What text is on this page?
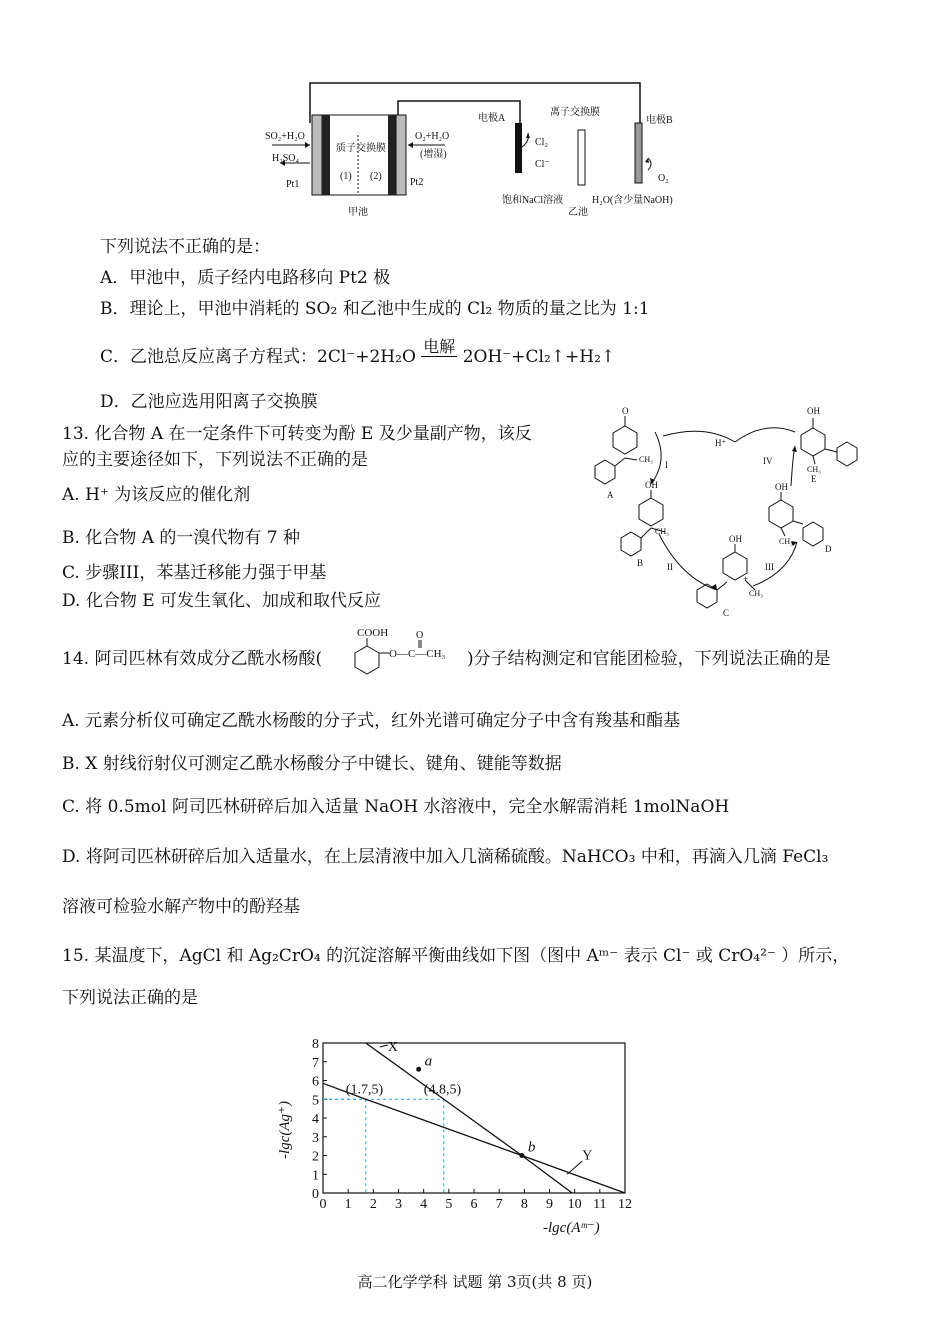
SO₂+H₂O
H₂SO₄
Pt1
质子交换膜
(1) (2)
Pt2
O₂+H₂O
(增湿)
甲池
电极A
Cl₂
Cl⁻
饱和NaCl溶液
离子交换膜
电极B
O₂
H₂O(含少量NaOH)
乙池
下列说法不正确的是：
A．甲池中，质子经内电路移向 Pt2 极
B．理论上，甲池中消耗的 SO₂ 和乙池中生成的 Cl₂ 物质的量之比为 1:1
C．乙池总反应离子方程式：2Cl⁻+2H₂O
电解
2OH⁻+Cl₂↑+H₂↑
D．乙池应选用阳离子交换膜
13. 化合物 A 在一定条件下可转变为酚 E 及少量副产物，该反
应的主要途径如下，下列说法不正确的是
A. H⁺ 为该反应的催化剂
B. 化合物 A 的一溴代物有 7 种
C. 步骤III，苯基迁移能力强于甲基
D. 化合物 E 可发生氧化、加成和取代反应
O
CH₃
A
I
H⁺
IV
OH
CH₃
E
OH
CH₃
B	II
OH
+
CH₃
C
III
OH
CH₃
D
14. 阿司匹林有效成分乙酰水杨酸(
COOH	O
O—C—CH₃ )分子结构测定和官能团检验，下列说法正确的是
A. 元素分析仪可确定乙酰水杨酸的分子式，红外光谱可确定分子中含有羧基和酯基
B. X 射线衍射仪可测定乙酰水杨酸分子中键长、键角、键能等数据
C. 将 0.5mol 阿司匹林研碎后加入适量 NaOH 水溶液中，完全水解需消耗 1molNaOH
D. 将阿司匹林研碎后加入适量水，在上层清液中加入几滴稀硫酸。NaHCO₃ 中和，再滴入几滴 FeCl₃
溶液可检验水解产物中的酚羟基
15. 某温度下，AgCl 和 Ag₂CrO₄ 的沉淀溶解平衡曲线如下图（图中 Aᵐ⁻ 表示 Cl⁻ 或 CrO₄²⁻ ）所示，
下列说法正确的是
0 1 2 3 4 5 6 7 8 9 10 11 12
0
1
2
3
4
5
6
7
8
(1.7,5)	(4.8,5)
X
Y
a
b
-lgc(Aᵐ⁻)
-lgc(Ag⁺)
高二化学学科 试题 第 3页(共 8 页)
